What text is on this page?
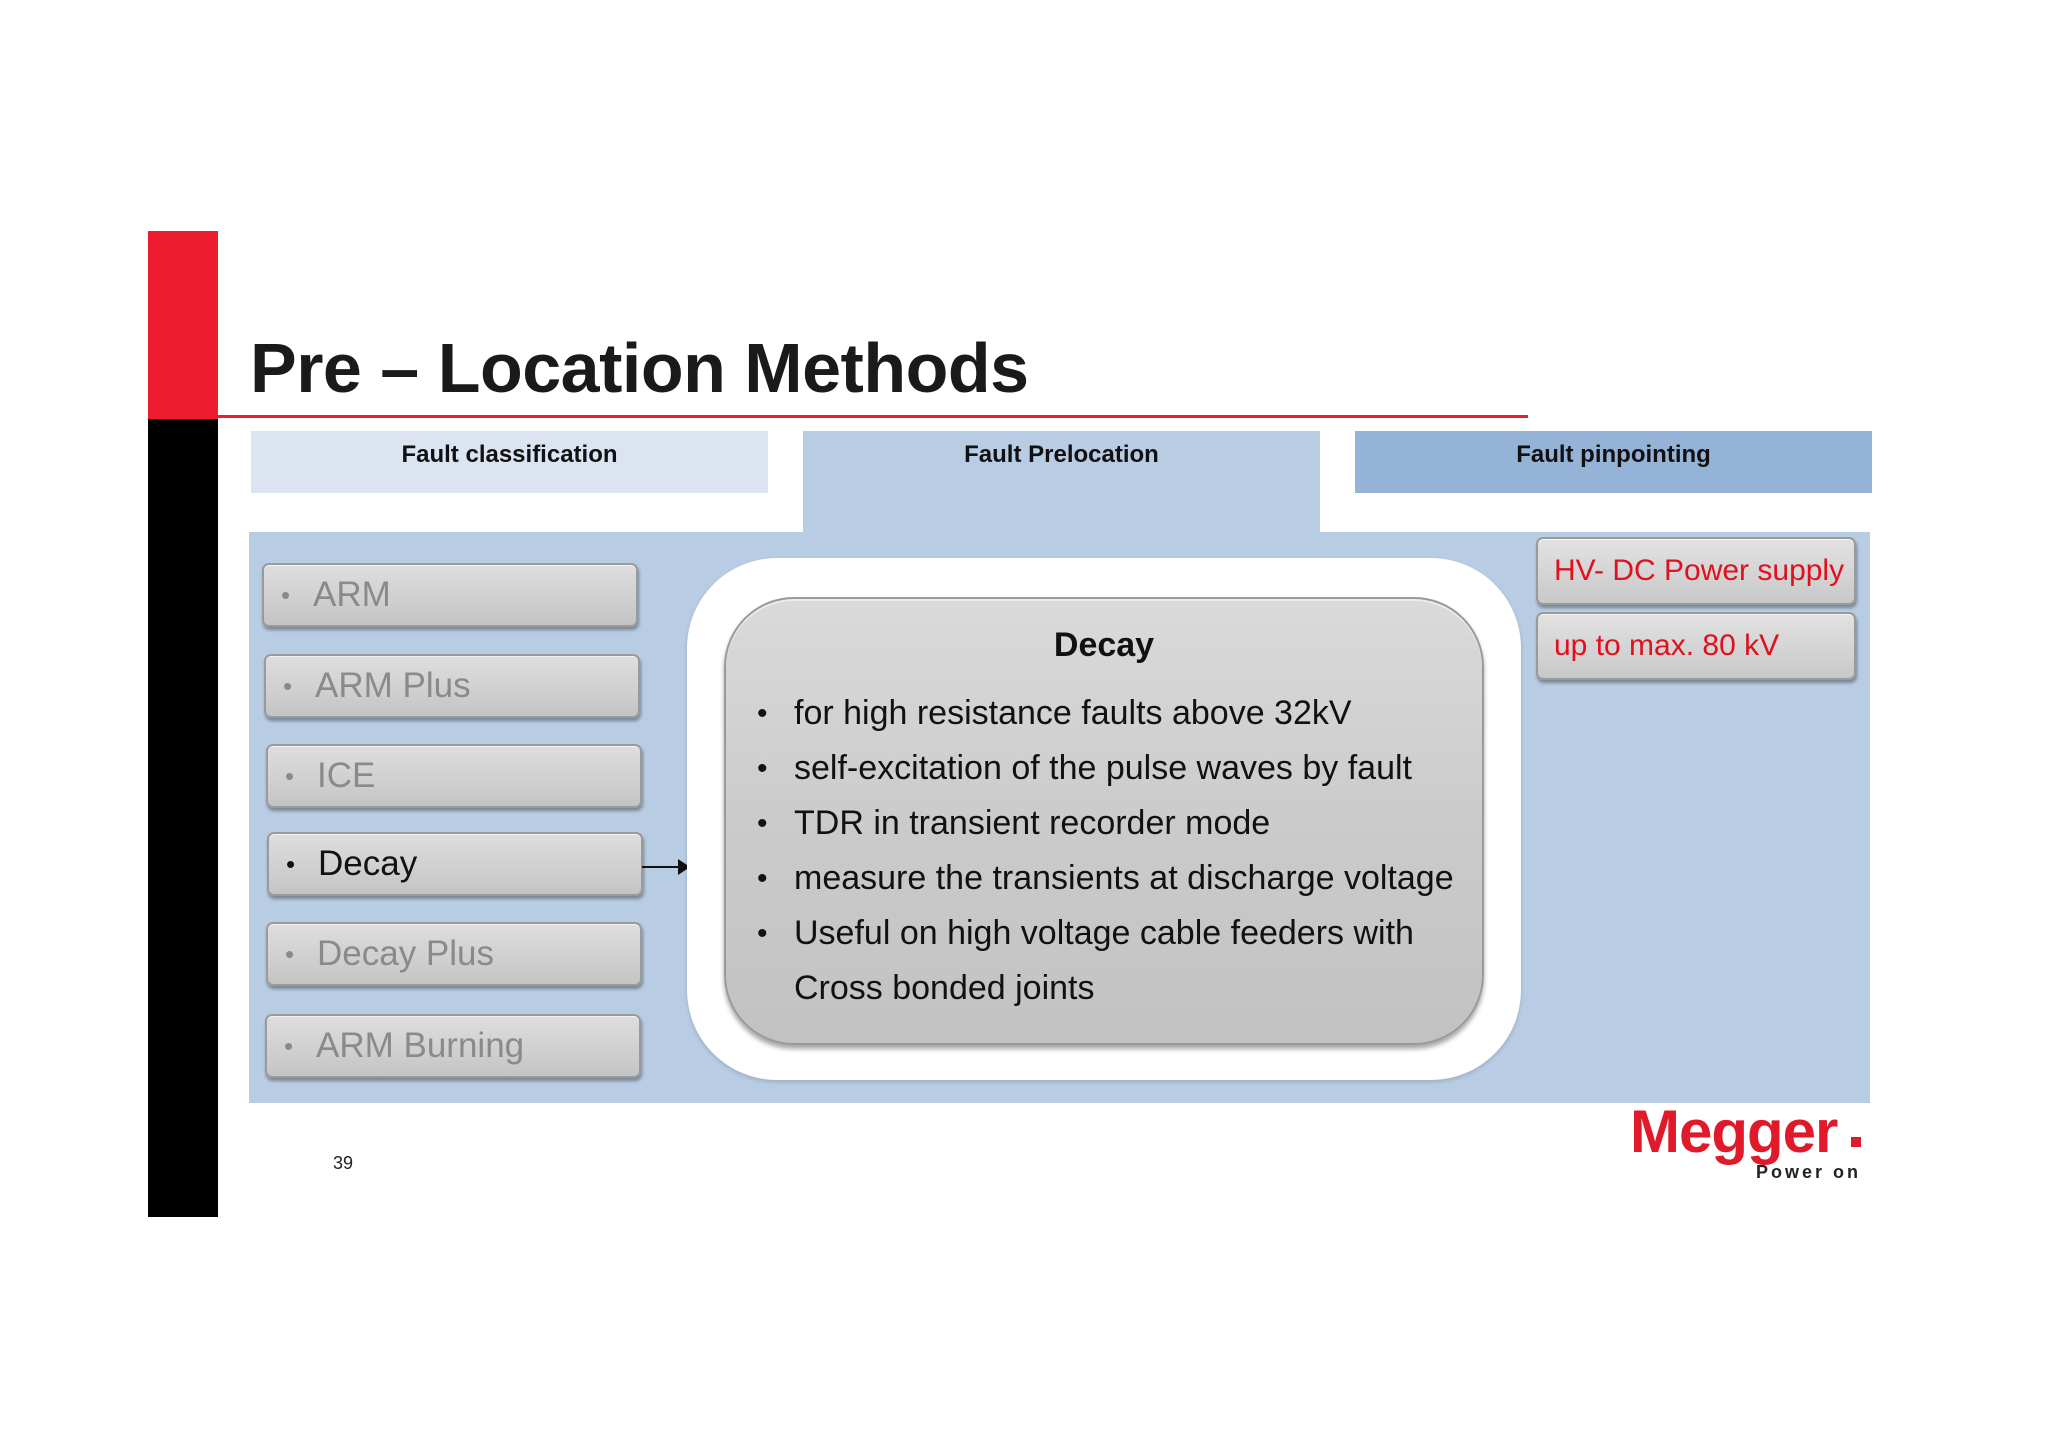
Pre – Location Methods
Fault classification	Fault Prelocation	Fault pinpointing
• ARM
• ARM Plus
• ICE
• Decay
• Decay Plus
• ARM Burning
Decay
• for high resistance faults above 32kV
• self-excitation of the pulse waves by fault
• TDR in transient recorder mode
• measure the transients at discharge voltage
• Useful on high voltage cable feeders with Cross bonded joints
HV- DC Power supply
up to max. 80 kV
39	Megger
Power on
